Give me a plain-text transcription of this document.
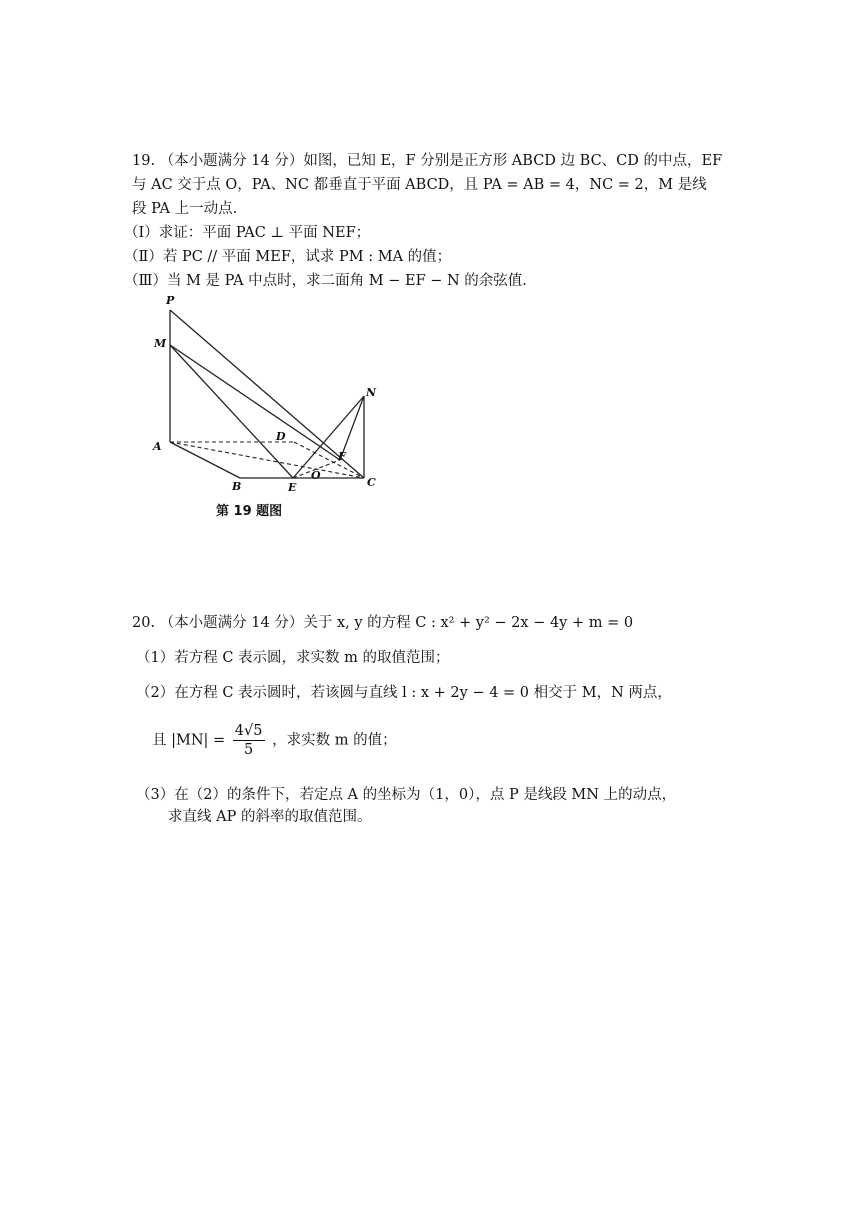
19. （本小题满分 14 分）如图，已知 E，F 分别是正方形 ABCD 边 BC、CD 的中点，EF
与 AC 交于点 O，PA、NC 都垂直于平面 ABCD，且 PA = AB = 4，NC = 2，M 是线
段 PA 上一动点.
（Ⅰ）求证：平面 PAC ⊥ 平面 NEF；
（Ⅱ）若 PC // 平面 MEF，试求 PM : MA 的值；
（Ⅲ）当 M 是 PA 中点时，求二面角 M − EF − N 的余弦值.
P
M
A
B	E
O
C
D
F
N
第 19 题图
20. （本小题满分 14 分）关于 x, y 的方程 C : x² + y² − 2x − 4y + m = 0
（1）若方程 C 表示圆，求实数 m 的取值范围；
（2）在方程 C 表示圆时，若该圆与直线 l : x + 2y − 4 = 0 相交于 M，N 两点，
且 $|MN| = \frac{4√5}{5}$ ，求实数 m 的值；
（3）在（2）的条件下，若定点 A 的坐标为（1，0），点 P 是线段 MN 上的动点，
求直线 AP 的斜率的取值范围。
